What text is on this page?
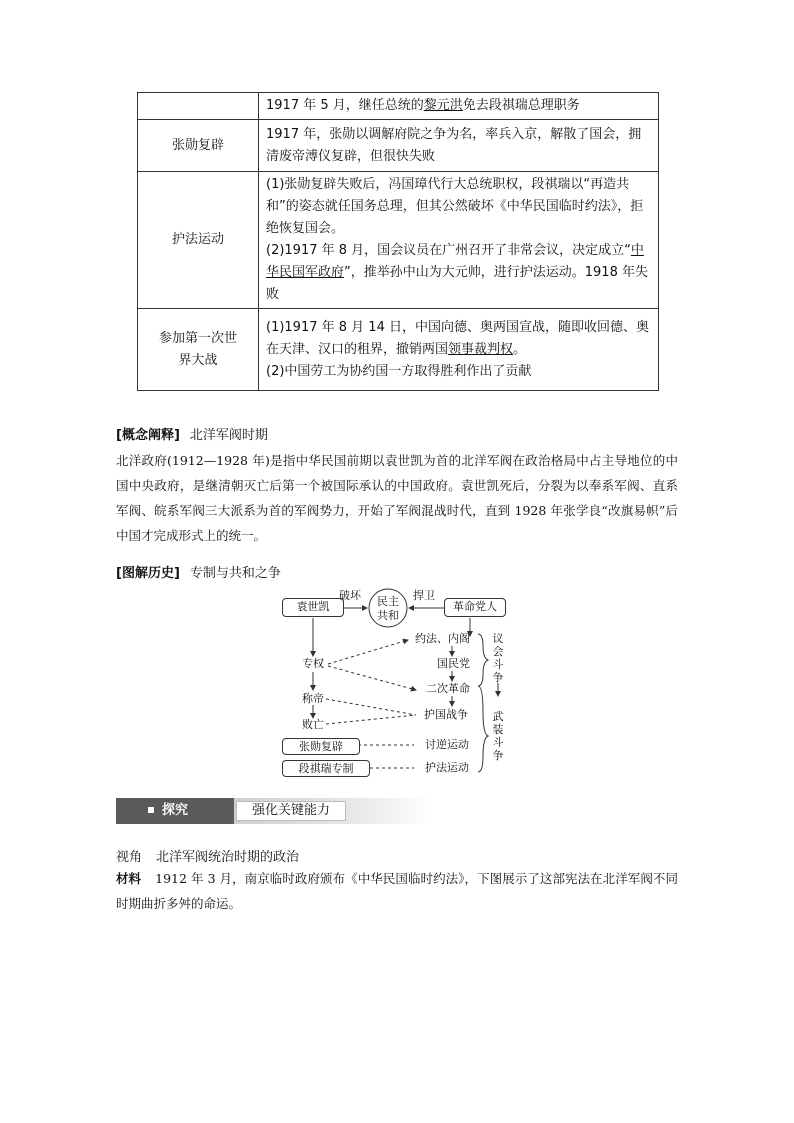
	1917 年 5 月，继任总统的黎元洪免去段祺瑞总理职务
张勋复辟	1917 年，张勋以调解府院之争为名，率兵入京，解散了国会，拥清废帝溥仪复辟，但很快失败
护法运动	(1)张勋复辟失败后，冯国璋代行大总统职权，段祺瑞以“再造共和”的姿态就任国务总理，但其公然破坏《中华民国临时约法》，拒绝恢复国会。
(2)1917 年 8 月，国会议员在广州召开了非常会议，决定成立“中华民国军政府”，推举孙中山为大元帅，进行护法运动。1918 年失败
参加第一次世界大战	(1)1917 年 8 月 14 日，中国向德、奥两国宣战，随即收回德、奥在天津、汉口的租界，撤销两国领事裁判权。
(2)中国劳工为协约国一方取得胜利作出了贡献
[概念阐释] 北洋军阀时期
北洋政府(1912—1928 年)是指中华民国前期以袁世凯为首的北洋军阀在政治格局中占主导地位的中国中央政府，是继清朝灭亡后第一个被国际承认的中国政府。袁世凯死后，分裂为以奉系军阀、直系军阀、皖系军阀三大派系为首的军阀势力，开始了军阀混战时代，直到 1928 年张学良“改旗易帜”后中国才完成形式上的统一。
[图解历史] 专制与共和之争
袁世凯
破坏 民主
共和
捍卫
革命党人
专权
称帝
败亡
张勋复辟
段祺瑞专制
约法、内阁
国民党
二次革命
护国战争
讨逆运动
护法运动
议会斗争
武装斗争
探究	强化关键能力
视角 北洋军阀统治时期的政治
材料 1912 年 3 月，南京临时政府颁布《中华民国临时约法》，下图展示了这部宪法在北洋军阀不同时期曲折多舛的命运。
